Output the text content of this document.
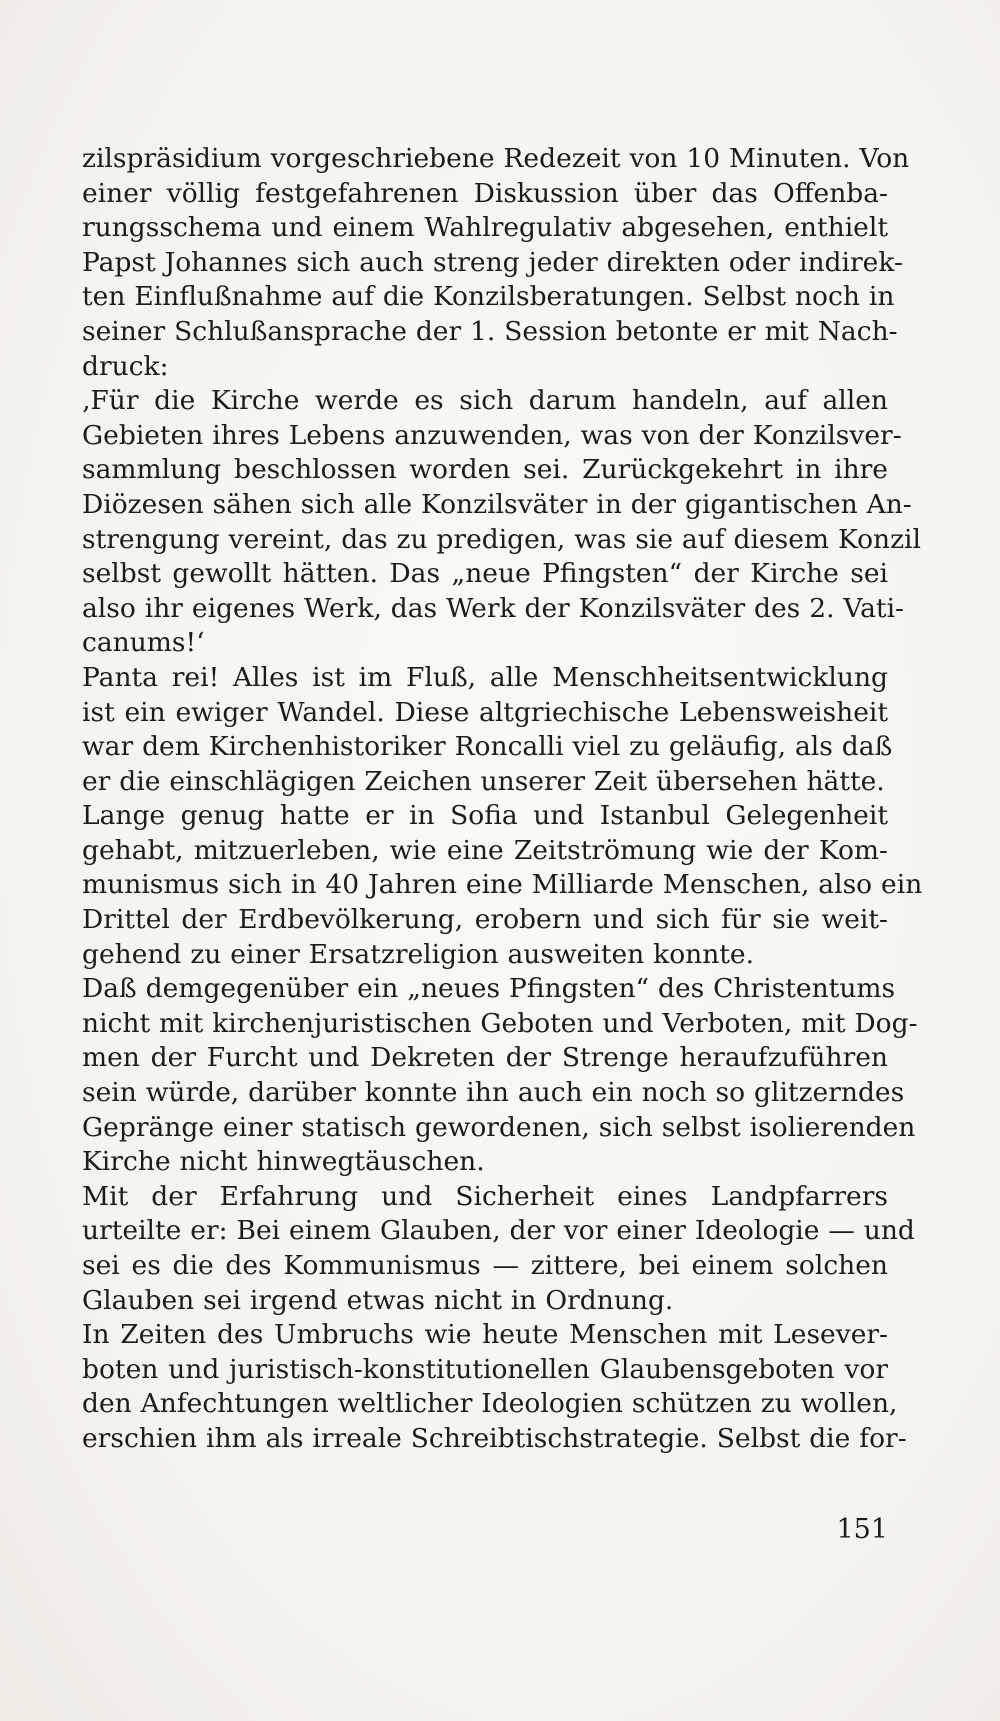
zilspräsidium vorgeschriebene Redezeit von 10 Minuten. Von
einer völlig festgefahrenen Diskussion über das Offenba-
rungsschema und einem Wahlregulativ abgesehen, enthielt
Papst Johannes sich auch streng jeder direkten oder indirek-
ten Einflußnahme auf die Konzilsberatungen. Selbst noch in
seiner Schlußansprache der 1. Session betonte er mit Nach-
druck:
‚Für die Kirche werde es sich darum handeln, auf allen
Gebieten ihres Lebens anzuwenden, was von der Konzilsver-
sammlung beschlossen worden sei. Zurückgekehrt in ihre
Diözesen sähen sich alle Konzilsväter in der gigantischen An-
strengung vereint, das zu predigen, was sie auf diesem Konzil
selbst gewollt hätten. Das „neue Pfingsten“ der Kirche sei
also ihr eigenes Werk, das Werk der Konzilsväter des 2. Vati-
canums!‘
Panta rei! Alles ist im Fluß, alle Menschheitsentwicklung
ist ein ewiger Wandel. Diese altgriechische Lebensweisheit
war dem Kirchenhistoriker Roncalli viel zu geläufig, als daß
er die einschlägigen Zeichen unserer Zeit übersehen hätte.
Lange genug hatte er in Sofia und Istanbul Gelegenheit
gehabt, mitzuerleben, wie eine Zeitströmung wie der Kom-
munismus sich in 40 Jahren eine Milliarde Menschen, also ein
Drittel der Erdbevölkerung, erobern und sich für sie weit-
gehend zu einer Ersatzreligion ausweiten konnte.
Daß demgegenüber ein „neues Pfingsten“ des Christentums
nicht mit kirchenjuristischen Geboten und Verboten, mit Dog-
men der Furcht und Dekreten der Strenge heraufzuführen
sein würde, darüber konnte ihn auch ein noch so glitzerndes
Gepränge einer statisch gewordenen, sich selbst isolierenden
Kirche nicht hinwegtäuschen.
Mit der Erfahrung und Sicherheit eines Landpfarrers
urteilte er: Bei einem Glauben, der vor einer Ideologie — und
sei es die des Kommunismus — zittere, bei einem solchen
Glauben sei irgend etwas nicht in Ordnung.
In Zeiten des Umbruchs wie heute Menschen mit Lesever-
boten und juristisch-konstitutionellen Glaubensgeboten vor
den Anfechtungen weltlicher Ideologien schützen zu wollen,
erschien ihm als irreale Schreibtischstrategie. Selbst die for-
151
